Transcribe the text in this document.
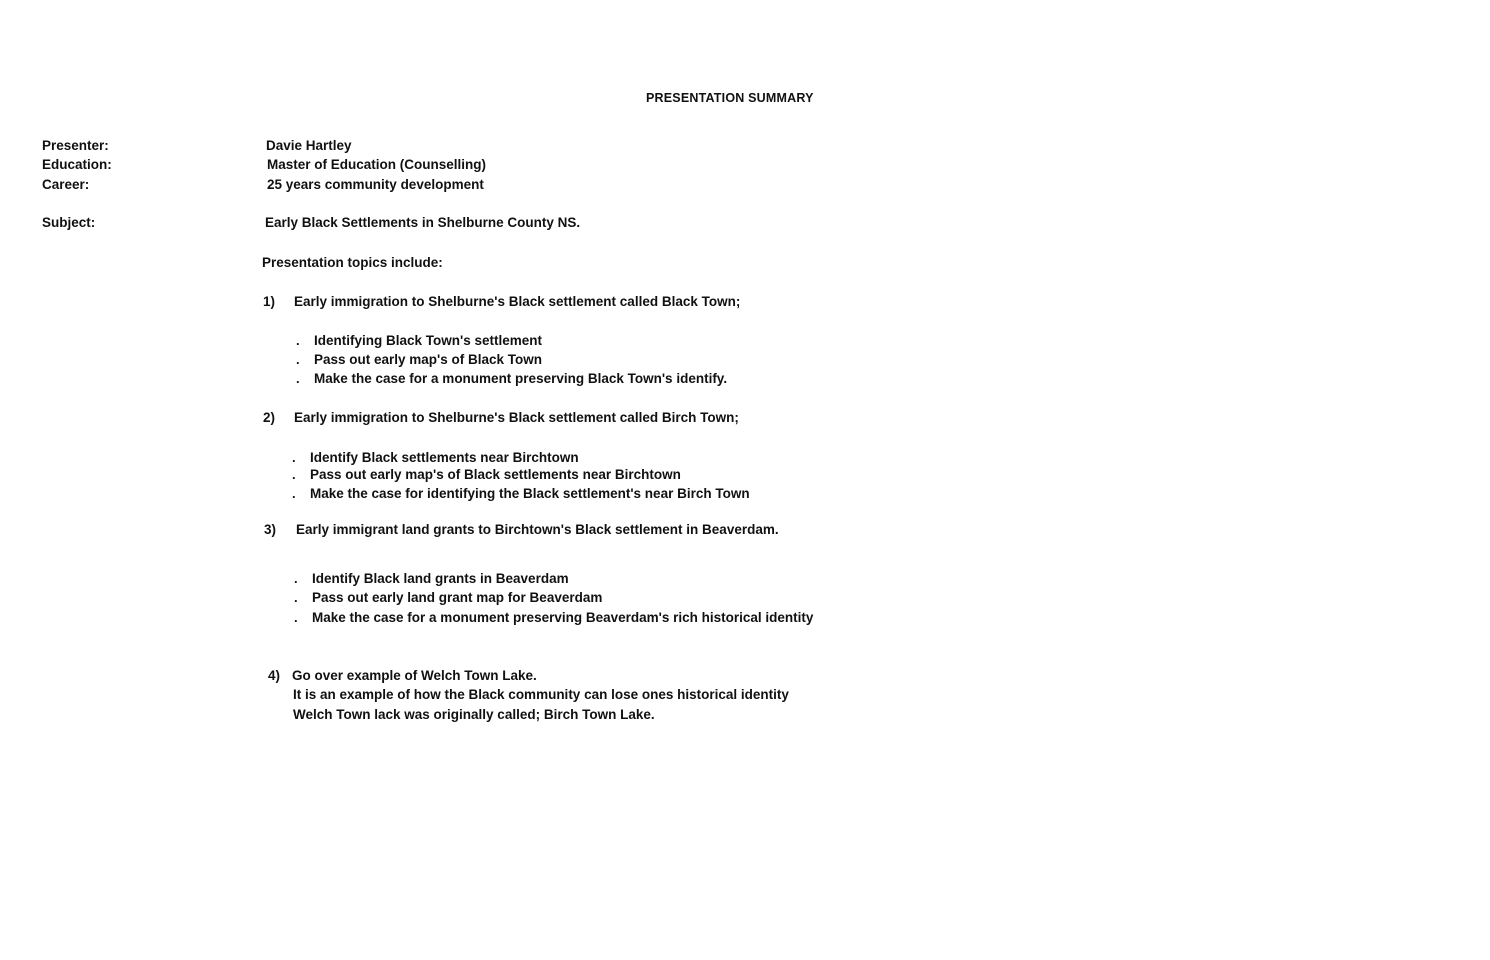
PRESENTATION SUMMARY
Presenter:	Davie Hartley
Education:	Master of Education (Counselling)
Career:	25 years community development
Subject:	Early Black Settlements in Shelburne County NS.
Presentation topics include:
1) Early immigration to Shelburne's Black settlement called Black Town;
. Identifying Black Town's settlement
. Pass out early map's of Black Town
. Make the case for a monument preserving Black Town's identify.
2) Early immigration to Shelburne's Black settlement called Birch Town;
. Identify Black settlements near Birchtown
. Pass out early map's of Black settlements near Birchtown
. Make the case for identifying the Black settlement's near Birch Town
3) Early immigrant land grants to Birchtown's Black settlement in Beaverdam.
. Identify Black land grants in Beaverdam
. Pass out early land grant map for Beaverdam
. Make the case for a monument preserving Beaverdam's rich historical identity
4) Go over example of Welch Town Lake.
It is an example of how the Black community can lose ones historical identity
Welch Town lack was originally called; Birch Town Lake.
